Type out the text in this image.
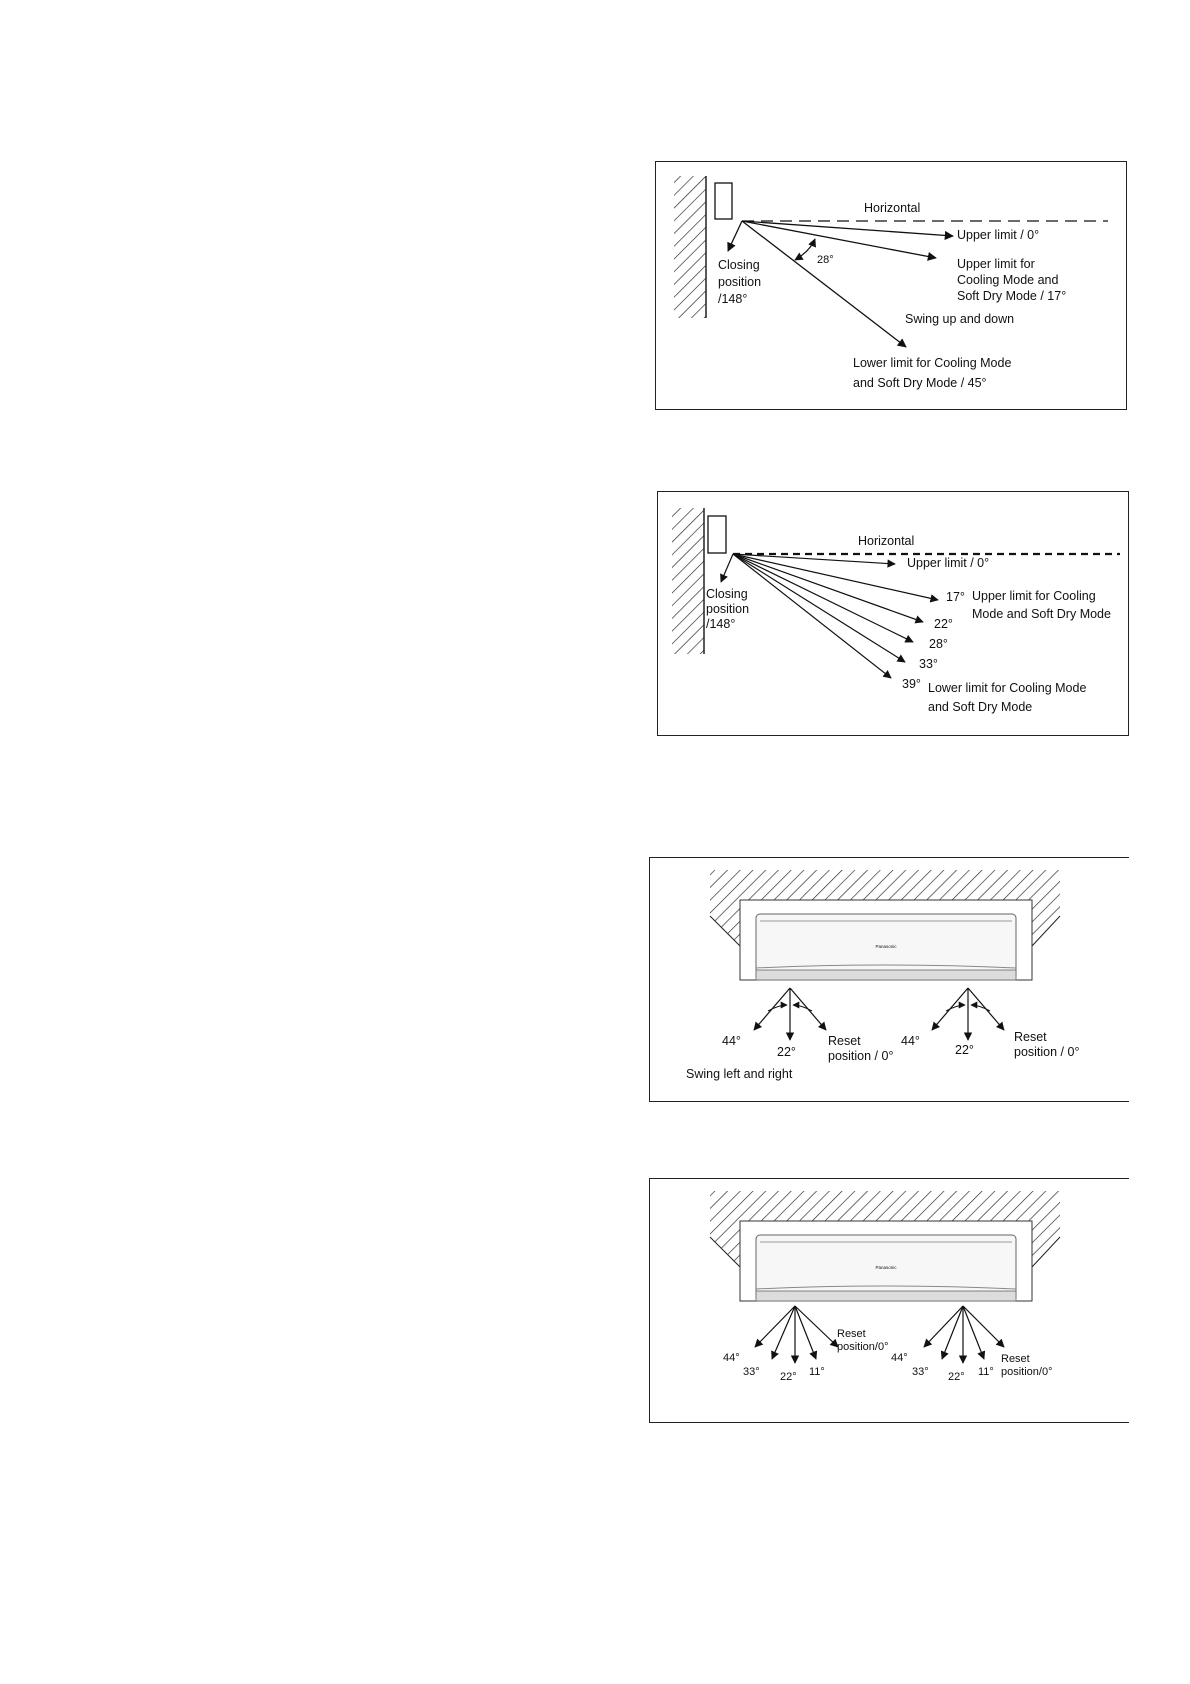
Horizontal
Upper limit / 0°
Upper limit for
Cooling Mode and
Soft Dry Mode / 17°
Closing
position
/148°
28°
Swing up and down
Lower limit for Cooling Mode
and Soft Dry Mode / 45°
Horizontal
Upper limit / 0°
17° Upper limit for Cooling
Mode and Soft Dry Mode
22°
28°
33°
39°
Closing
position
/148°
Lower limit for Cooling Mode
and Soft Dry Mode
Panasonic
44°
22°
Reset
position / 0°
44°
22°
Reset
position / 0°
Swing left and right
Panasonic
44°
33° 22° 11°
Reset
position/0°
44°
33° 22° 11°
Reset
position/0°
